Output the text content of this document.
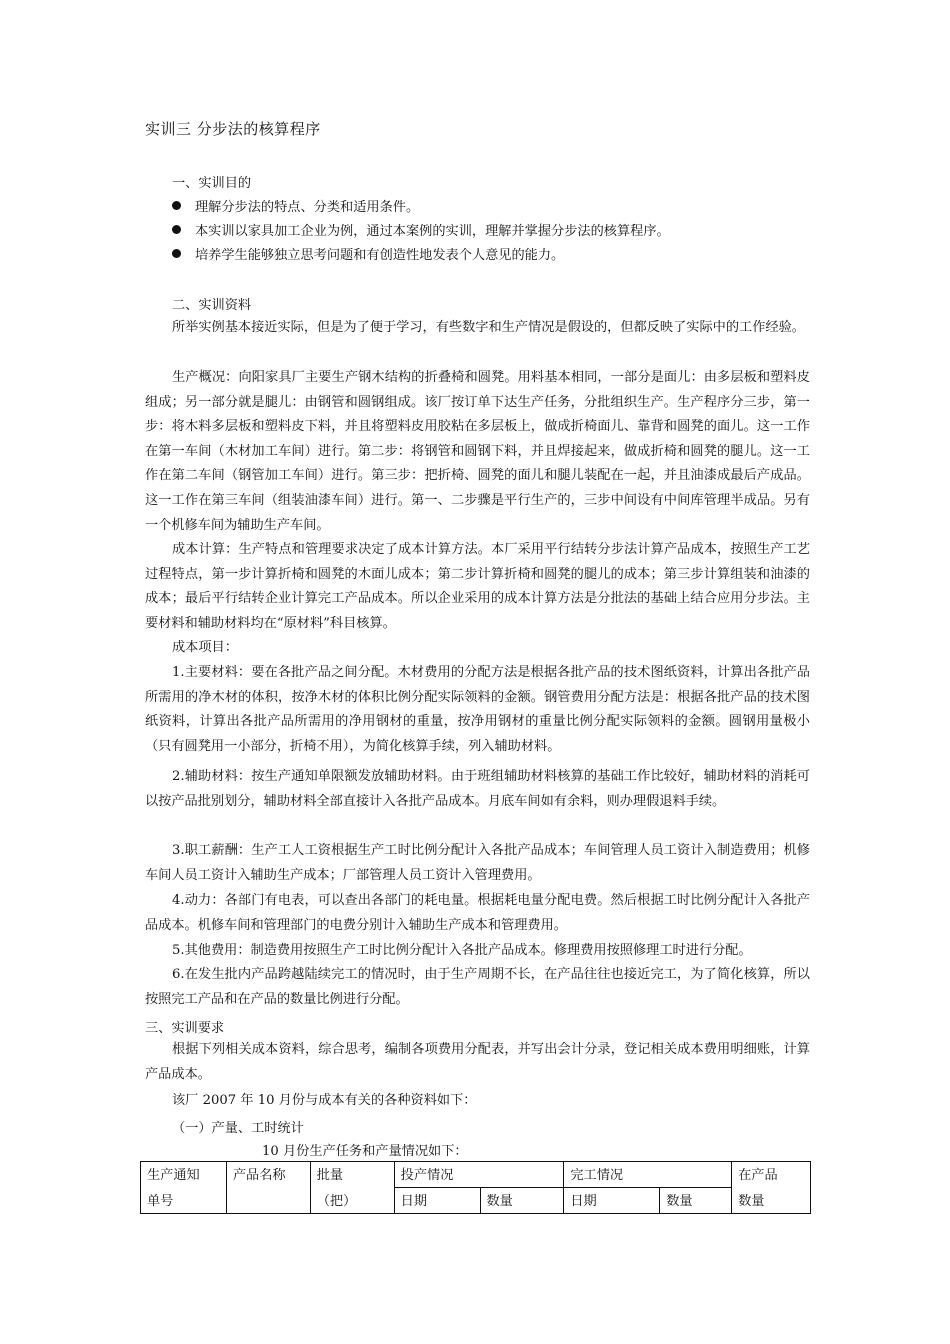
实训三 分步法的核算程序
一、实训目的
理解分步法的特点、分类和适用条件。
本实训以家具加工企业为例，通过本案例的实训，理解并掌握分步法的核算程序。
培养学生能够独立思考问题和有创造性地发表个人意见的能力。
二、实训资料
所举实例基本接近实际，但是为了便于学习，有些数字和生产情况是假设的，但都反映了实际中的工作经验。
生产概况：向阳家具厂主要生产钢木结构的折叠椅和圆凳。用料基本相同，一部分是面儿：由多层板和塑料皮组成；另一部分就是腿儿：由钢管和圆钢组成。该厂按订单下达生产任务，分批组织生产。生产程序分三步，第一步：将木料多层板和塑料皮下料，并且将塑料皮用胶粘在多层板上，做成折椅面儿、靠背和圆凳的面儿。这一工作在第一车间（木材加工车间）进行。第二步：将钢管和圆钢下料，并且焊接起来，做成折椅和圆凳的腿儿。这一工作在第二车间（钢管加工车间）进行。第三步：把折椅、圆凳的面儿和腿儿装配在一起，并且油漆成最后产成品。这一工作在第三车间（组装油漆车间）进行。第一、二步骤是平行生产的，三步中间设有中间库管理半成品。另有一个机修车间为辅助生产车间。
成本计算：生产特点和管理要求决定了成本计算方法。本厂采用平行结转分步法计算产品成本，按照生产工艺过程特点，第一步计算折椅和圆凳的木面儿成本；第二步计算折椅和圆凳的腿儿的成本；第三步计算组装和油漆的成本；最后平行结转企业计算完工产品成本。所以企业采用的成本计算方法是分批法的基础上结合应用分步法。主要材料和辅助材料均在“原材料”科目核算。
成本项目：
1.主要材料：要在各批产品之间分配。木材费用的分配方法是根据各批产品的技术图纸资料，计算出各批产品所需用的净木材的体积，按净木材的体积比例分配实际领料的金额。钢管费用分配方法是：根据各批产品的技术图纸资料，计算出各批产品所需用的净用钢材的重量，按净用钢材的重量比例分配实际领料的金额。圆钢用量极小（只有圆凳用一小部分，折椅不用），为简化核算手续，列入辅助材料。
2.辅助材料：按生产通知单限额发放辅助材料。由于班组辅助材料核算的基础工作比较好，辅助材料的消耗可以按产品批别划分，辅助材料全部直接计入各批产品成本。月底车间如有余料，则办理假退料手续。
3.职工薪酬：生产工人工资根据生产工时比例分配计入各批产品成本；车间管理人员工资计入制造费用；机修车间人员工资计入辅助生产成本；厂部管理人员工资计入管理费用。
4.动力：各部门有电表，可以查出各部门的耗电量。根据耗电量分配电费。然后根据工时比例分配计入各批产品成本。机修车间和管理部门的电费分别计入辅助生产成本和管理费用。
5.其他费用：制造费用按照生产工时比例分配计入各批产品成本。修理费用按照修理工时进行分配。
6.在发生批内产品跨越陆续完工的情况时，由于生产周期不长，在产品往往也接近完工，为了简化核算，所以按照完工产品和在产品的数量比例进行分配。
三、实训要求
根据下列相关成本资料，综合思考，编制各项费用分配表，并写出会计分录，登记相关成本费用明细账，计算产品成本。
该厂 2007 年 10 月份与成本有关的各种资料如下：
（一）产量、工时统计
10 月份生产任务和产量情况如下：
生产通知	产品名称	批量	投产情况		完工情况		在产品
单号		（把）	日期	数量	日期	数量	数量
